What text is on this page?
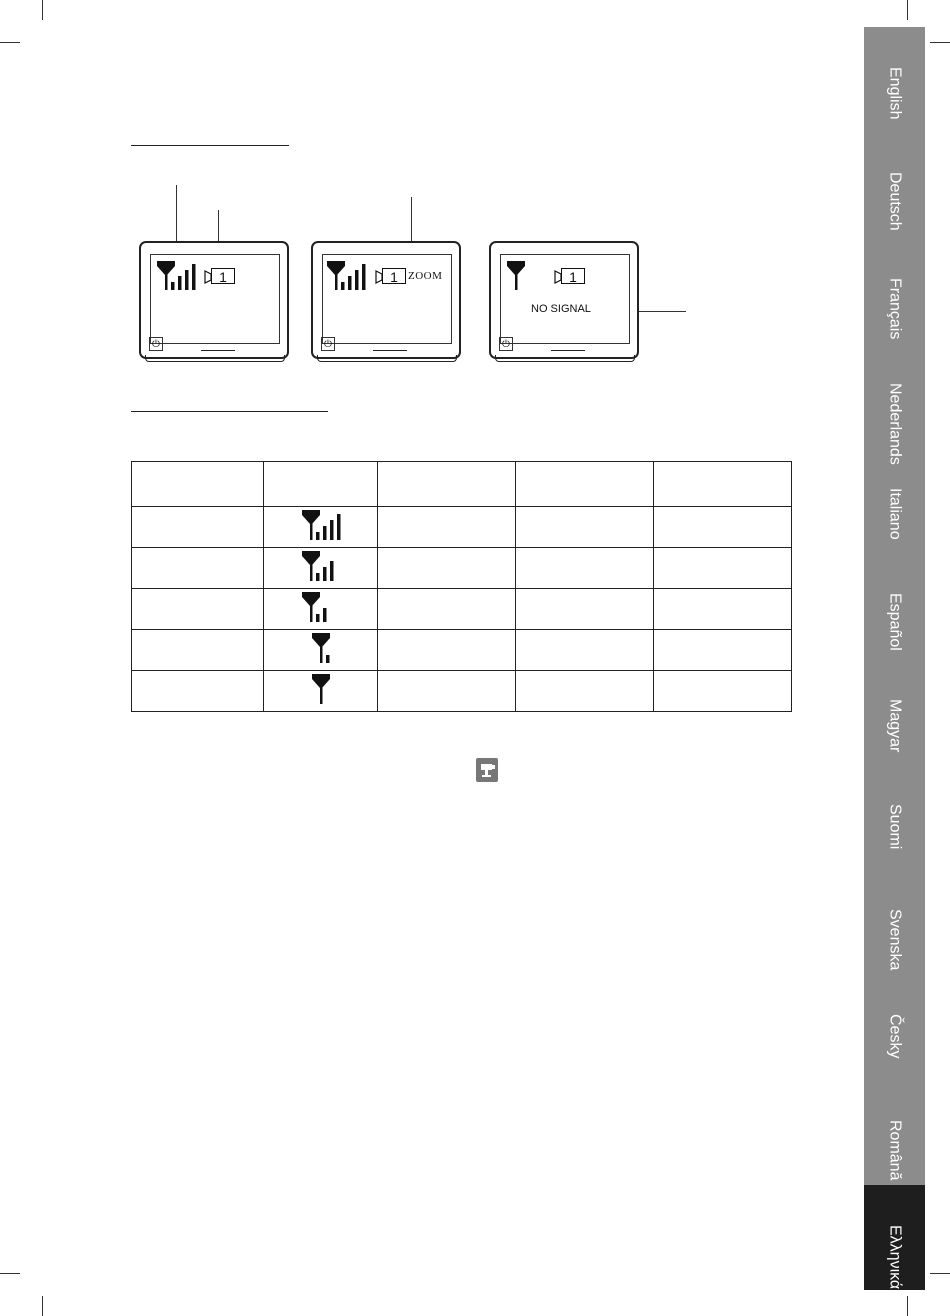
1
⏻
1 ZOOM
⏻
1
NO SIGNAL
⏻

English
Deutsch
Français
Nederlands
Italiano
Español
Magyar
Suomi
Svenska
Česky
Română
Ελληνικά
